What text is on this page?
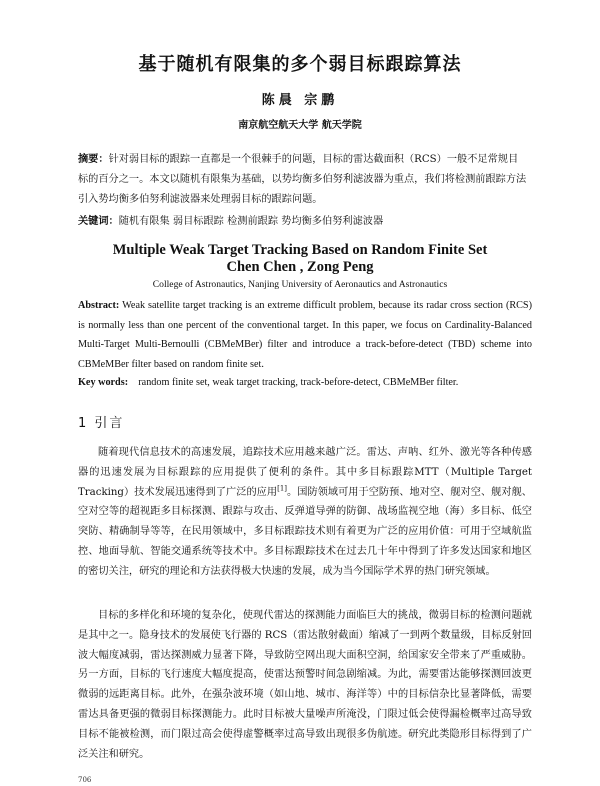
基于随机有限集的多个弱目标跟踪算法
陈晨 宗鹏
南京航空航天大学 航天学院
摘要：针对弱目标的跟踪一直都是一个很棘手的问题，目标的雷达截面积（RCS）一般不足常规目标的百分之一。本文以随机有限集为基础，以势均衡多伯努利滤波器为重点，我们将检测前跟踪方法引入势均衡多伯努利滤波器来处理弱目标的跟踪问题。
关键词：随机有限集 弱目标跟踪 检测前跟踪 势均衡多伯努利滤波器
Multiple Weak Target Tracking Based on Random Finite Set
Chen Chen , Zong Peng
College of Astronautics, Nanjing University of Aeronautics and Astronautics
Abstract: Weak satellite target tracking is an extreme difficult problem, because its radar cross section (RCS) is normally less than one percent of the conventional target. In this paper, we focus on Cardinality-Balanced Multi-Target Multi-Bernoulli (CBMeMBer) filter and introduce a track-before-detect (TBD) scheme into CBMeMBer filter based on random finite set.
Key words: random finite set, weak target tracking, track-before-detect, CBMeMBer filter.
1 引言
随着现代信息技术的高速发展，追踪技术应用越来越广泛。雷达、声呐、红外、激光等各种传感器的迅速发展为目标跟踪的应用提供了便利的条件。其中多目标跟踪MTT（Multiple Target Tracking）技术发展迅速得到了广泛的应用[1]。国防领域可用于空防预、地对空、舰对空、舰对舰、空对空等的超视距多目标探测、跟踪与攻击、反弹道导弹的防御、战场监视空地（海）多目标、低空突防、精确制导等等，在民用领域中，多目标跟踪技术则有着更为广泛的应用价值：可用于空域航监控、地面导航、智能交通系统等技术中。多目标跟踪技术在过去几十年中得到了许多发达国家和地区的密切关注，研究的理论和方法获得极大快速的发展，成为当今国际学术界的热门研究领域。
目标的多样化和环境的复杂化，使现代雷达的探测能力面临巨大的挑战，微弱目标的检测问题就是其中之一。隐身技术的发展使飞行器的 RCS（雷达散射截面）缩减了一到两个数量级，目标反射回波大幅度减弱，雷达探测威力显著下降，导致防空网出现大面积空洞，给国家安全带来了严重威胁。另一方面，目标的飞行速度大幅度提高，使雷达预警时间急剧缩减。为此，需要雷达能够探测回波更微弱的远距离目标。此外，在强杂波环境（如山地、城市、海洋等）中的目标信杂比显著降低，需要雷达具备更强的微弱目标探测能力。此时目标被大量噪声所淹没，门限过低会使得漏检概率过高导致目标不能被检测，而门限过高会使得虚警概率过高导致出现很多伪航迹。研究此类隐形目标得到了广泛关注和研究。
706
